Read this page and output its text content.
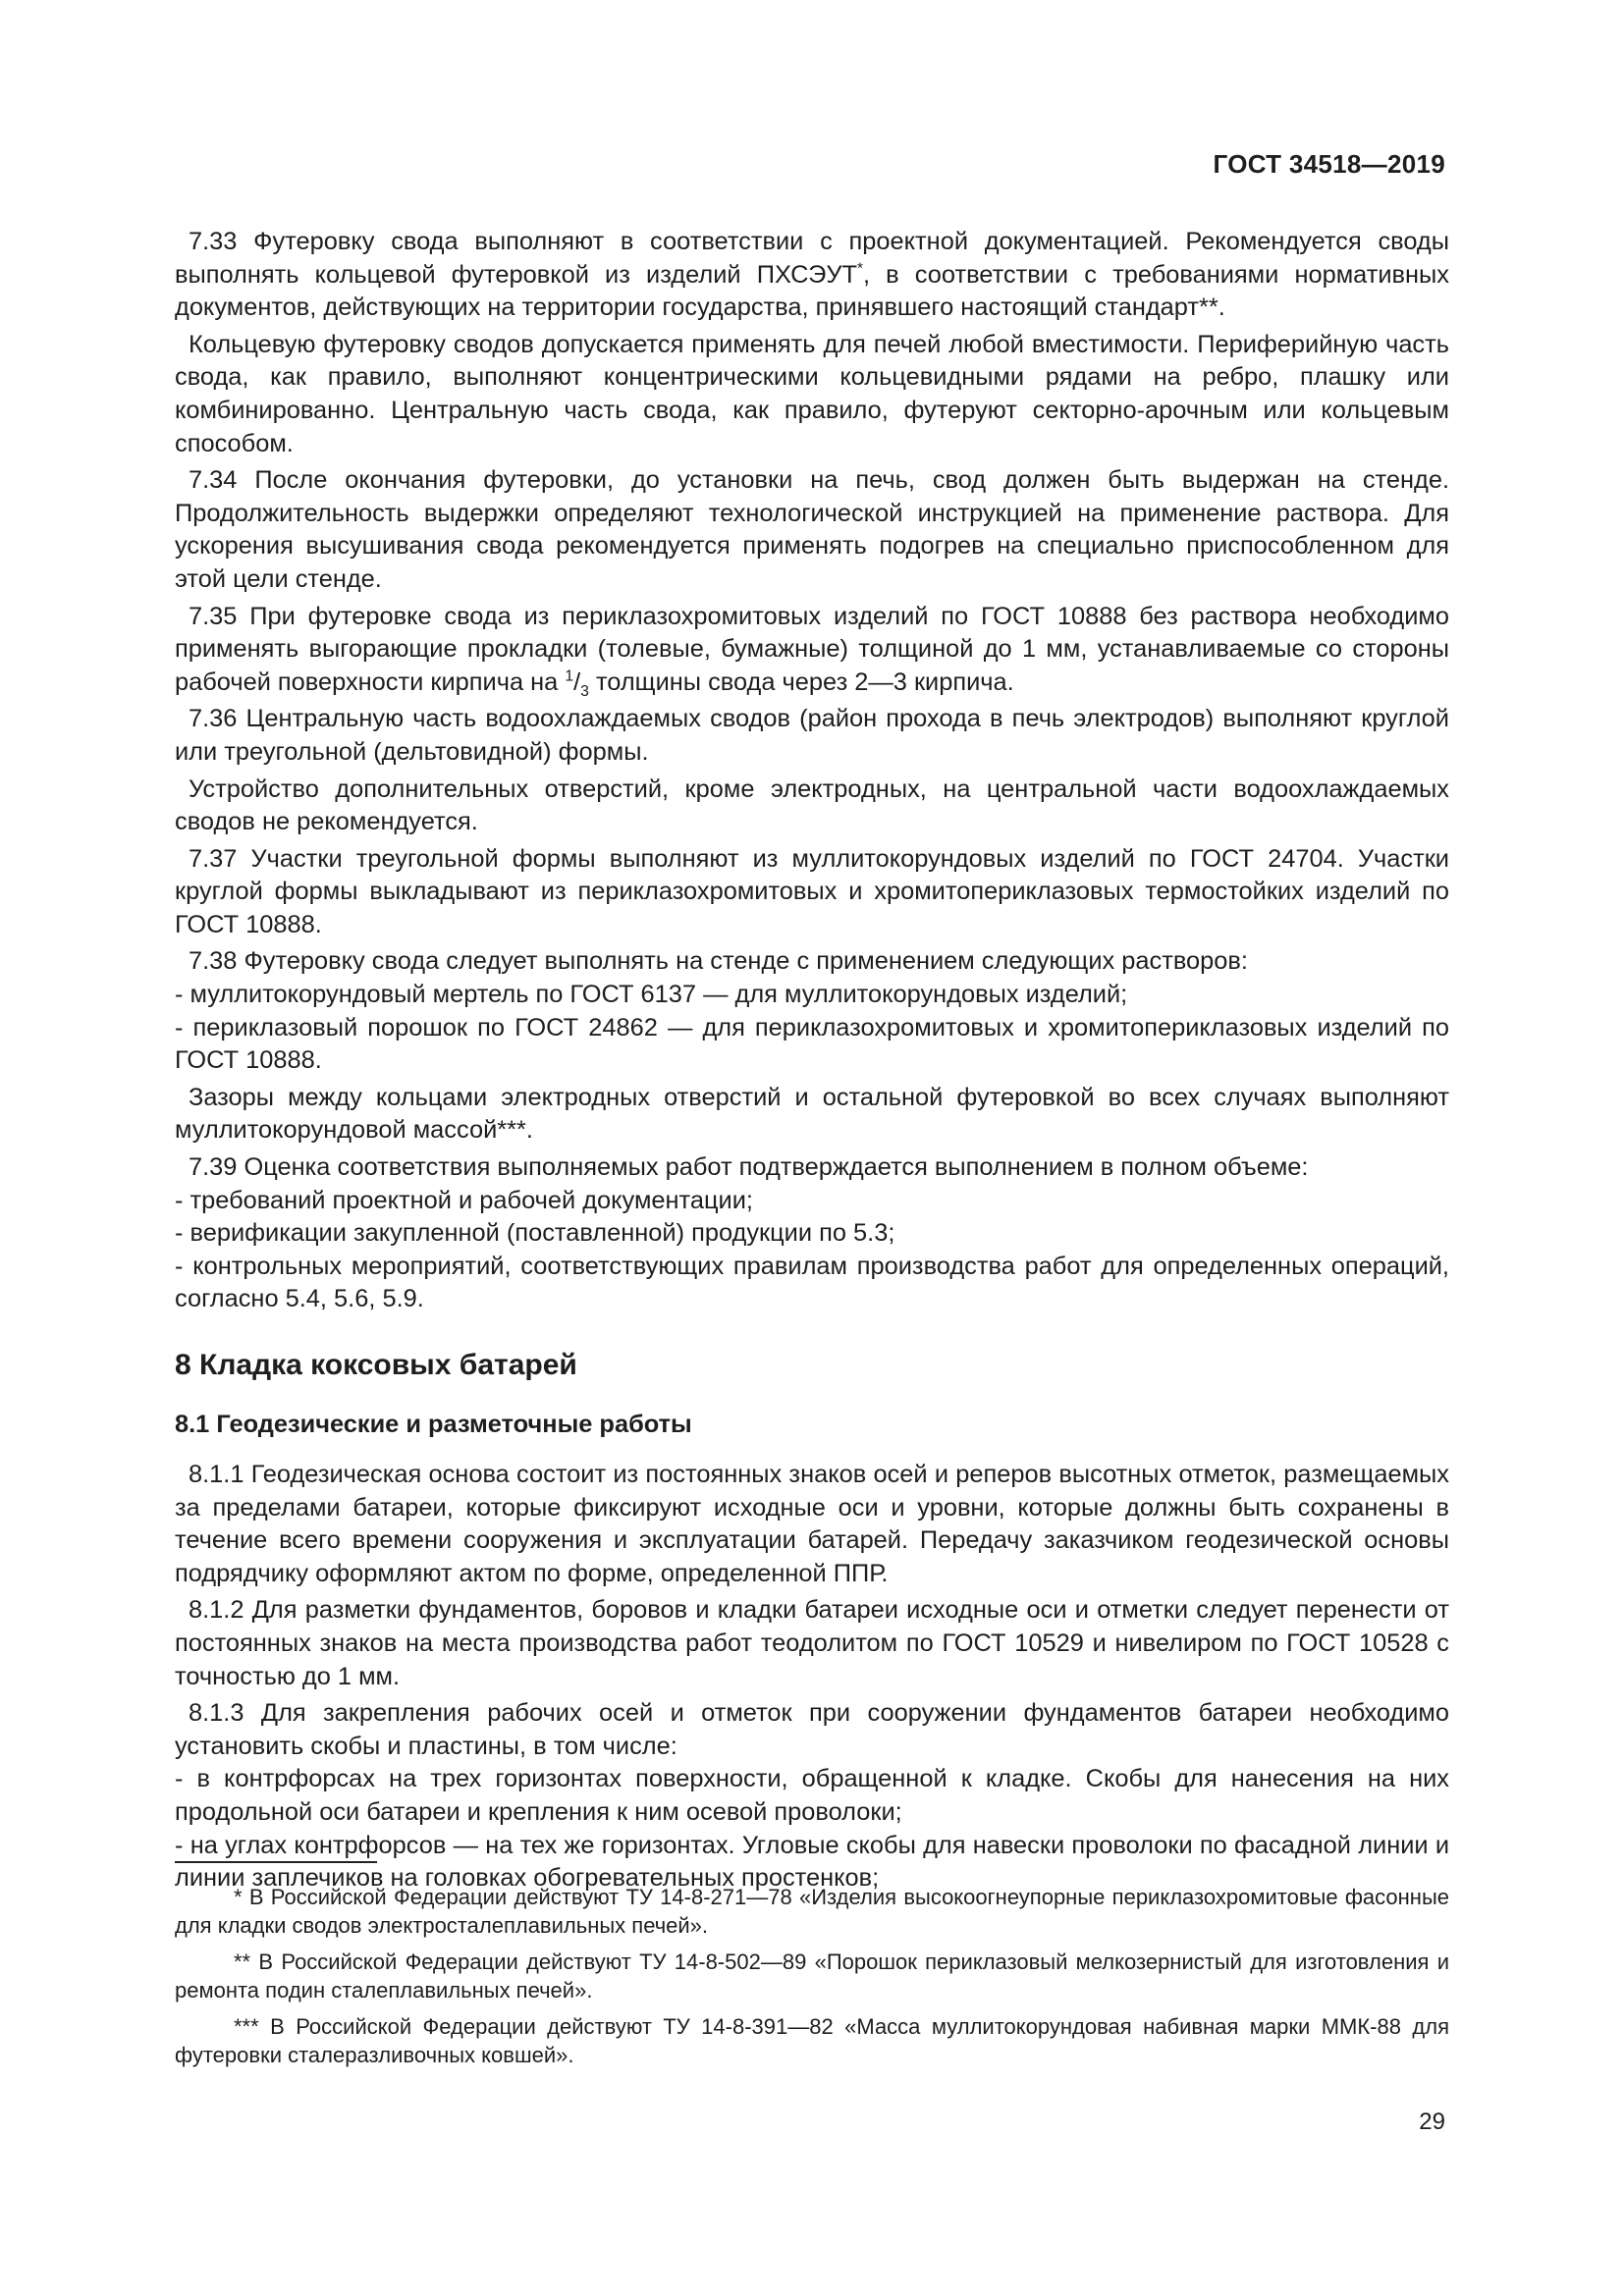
ГОСТ 34518—2019

7.33 Футеровку свода выполняют в соответствии с проектной документацией. Рекомендуется своды выполнять кольцевой футеровкой из изделий ПХСЭУТ*, в соответствии с требованиями нормативных документов, действующих на территории государства, принявшего настоящий стандарт**.

Кольцевую футеровку сводов допускается применять для печей любой вместимости. Периферийную часть свода, как правило, выполняют концентрическими кольцевидными рядами на ребро, плашку или комбинированно. Центральную часть свода, как правило, футеруют секторно-арочным или кольцевым способом.

7.34 После окончания футеровки, до установки на печь, свод должен быть выдержан на стенде. Продолжительность выдержки определяют технологической инструкцией на применение раствора. Для ускорения высушивания свода рекомендуется применять подогрев на специально приспособленном для этой цели стенде.

7.35 При футеровке свода из периклазохромитовых изделий по ГОСТ 10888 без раствора необходимо применять выгорающие прокладки (толевые, бумажные) толщиной до 1 мм, устанавливаемые со стороны рабочей поверхности кирпича на $^1/_3$ толщины свода через 2—3 кирпича.

7.36 Центральную часть водоохлаждаемых сводов (район прохода в печь электродов) выполняют круглой или треугольной (дельтовидной) формы.

Устройство дополнительных отверстий, кроме электродных, на центральной части водоохлаждаемых сводов не рекомендуется.

7.37 Участки треугольной формы выполняют из муллитокорундовых изделий по ГОСТ 24704. Участки круглой формы выкладывают из периклазохромитовых и хромитопериклазовых термостойких изделий по ГОСТ 10888.

7.38 Футеровку свода следует выполнять на стенде с применением следующих растворов:

- муллитокорундовый мертель по ГОСТ 6137 — для муллитокорундовых изделий;

- периклазовый порошок по ГОСТ 24862 — для периклазохромитовых и хромитопериклазовых изделий по ГОСТ 10888.

Зазоры между кольцами электродных отверстий и остальной футеровкой во всех случаях выполняют муллитокорундовой массой***.

7.39 Оценка соответствия выполняемых работ подтверждается выполнением в полном объеме:

- требований проектной и рабочей документации;

- верификации закупленной (поставленной) продукции по 5.3;

- контрольных мероприятий, соответствующих правилам производства работ для определенных операций, согласно 5.4, 5.6, 5.9.

8 Кладка коксовых батарей
8.1 Геодезические и разметочные работы

8.1.1 Геодезическая основа состоит из постоянных знаков осей и реперов высотных отметок, размещаемых за пределами батареи, которые фиксируют исходные оси и уровни, которые должны быть сохранены в течение всего времени сооружения и эксплуатации батарей. Передачу заказчиком геодезической основы подрядчику оформляют актом по форме, определенной ППР.

8.1.2 Для разметки фундаментов, боровов и кладки батареи исходные оси и отметки следует перенести от постоянных знаков на места производства работ теодолитом по ГОСТ 10529 и нивелиром по ГОСТ 10528 с точностью до 1 мм.

8.1.3 Для закрепления рабочих осей и отметок при сооружении фундаментов батареи необходимо установить скобы и пластины, в том числе:

- в контрфорсах на трех горизонтах поверхности, обращенной к кладке. Скобы для нанесения на них продольной оси батареи и крепления к ним осевой проволоки;

- на углах контрфорсов — на тех же горизонтах. Угловые скобы для навески проволоки по фасадной линии и линии заплечиков на головках обогревательных простенков;

* В Российской Федерации действуют ТУ 14-8-271—78 «Изделия высокоогнеупорные периклазохромитовые фасонные для кладки сводов электросталеплавильных печей».

** В Российской Федерации действуют ТУ 14-8-502—89 «Порошок периклазовый мелкозернистый для изготовления и ремонта подин сталеплавильных печей».

*** В Российской Федерации действуют ТУ 14-8-391—82 «Масса муллитокорундовая набивная марки ММК-88 для футеровки сталеразливочных ковшей».

29
